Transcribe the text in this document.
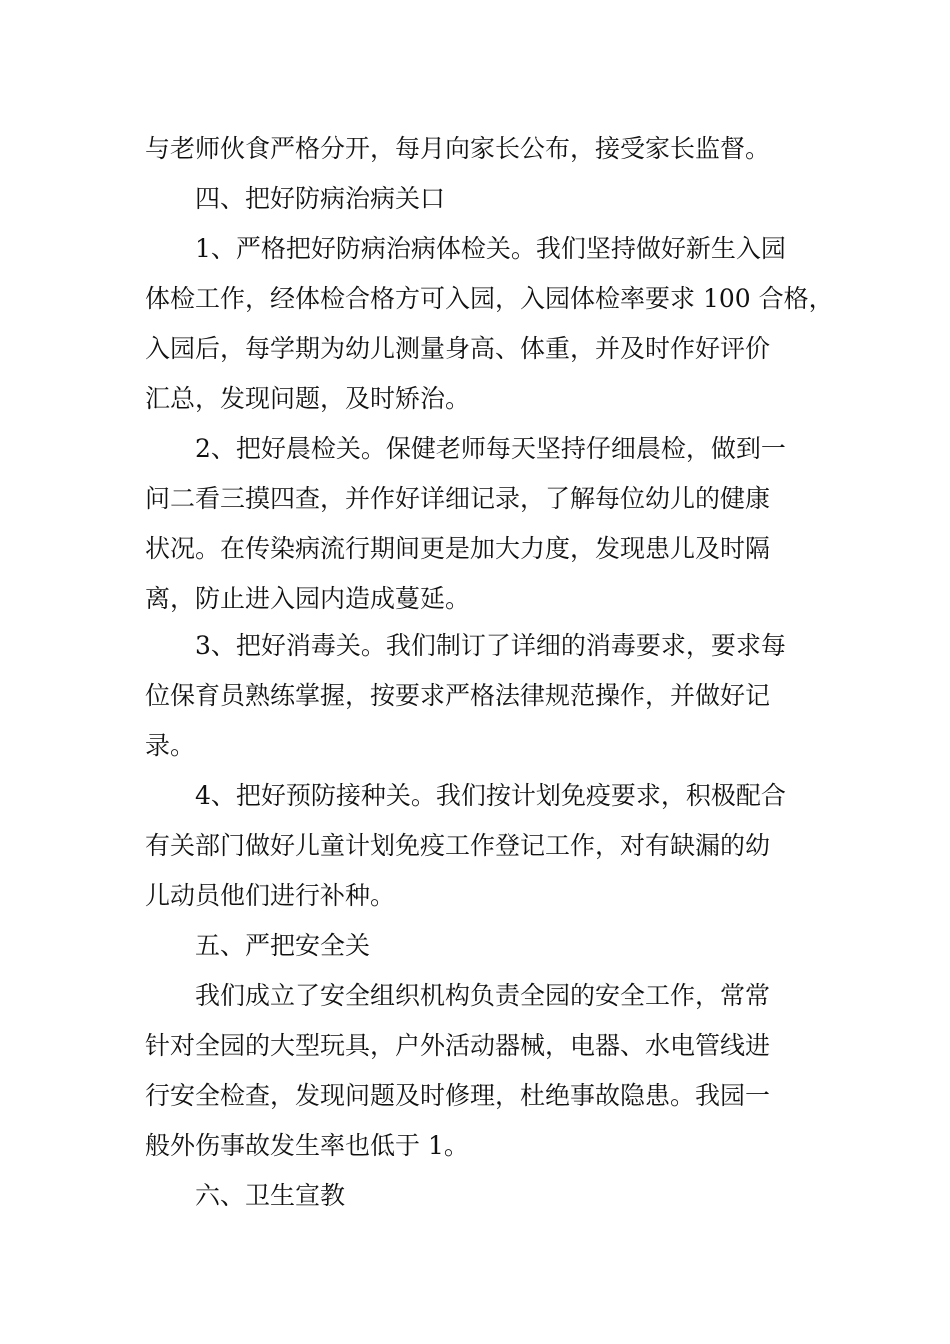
与老师伙食严格分开，每月向家长公布，接受家长监督。
四、把好防病治病关口
1、严格把好防病治病体检关。我们坚持做好新生入园
体检工作，经体检合格方可入园，入园体检率要求 100 合格，
入园后，每学期为幼儿测量身高、体重，并及时作好评价
汇总，发现问题，及时矫治。
2、把好晨检关。保健老师每天坚持仔细晨检，做到一
问二看三摸四查，并作好详细记录，了解每位幼儿的健康
状况。在传染病流行期间更是加大力度，发现患儿及时隔
离，防止进入园内造成蔓延。
3、把好消毒关。我们制订了详细的消毒要求，要求每
位保育员熟练掌握，按要求严格法律规范操作，并做好记
录。
4、把好预防接种关。我们按计划免疫要求，积极配合
有关部门做好儿童计划免疫工作登记工作，对有缺漏的幼
儿动员他们进行补种。
五、严把安全关
我们成立了安全组织机构负责全园的安全工作，常常
针对全园的大型玩具，户外活动器械，电器、水电管线进
行安全检查，发现问题及时修理，杜绝事故隐患。我园一
般外伤事故发生率也低于 1。
六、卫生宣教
